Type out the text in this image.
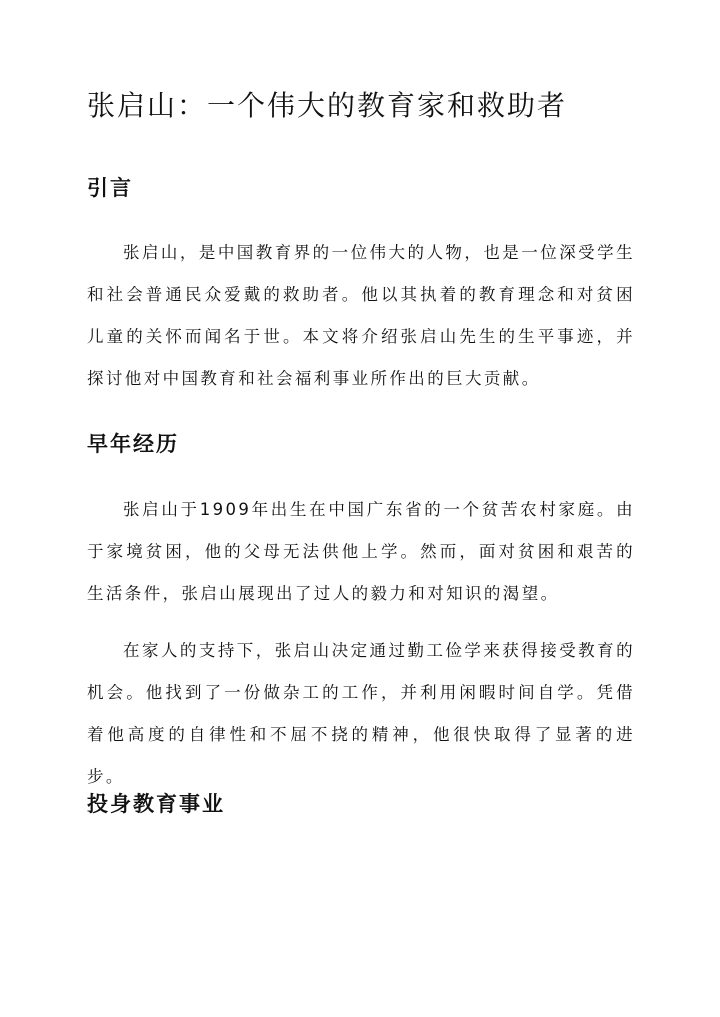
张启山：一个伟大的教育家和救助者
引言

张启山，是中国教育界的一位伟大的人物，也是一位深受学生和社会普通民众爱戴的救助者。他以其执着的教育理念和对贫困儿童的关怀而闻名于世。本文将介绍张启山先生的生平事迹，并探讨他对中国教育和社会福利事业所作出的巨大贡献。

早年经历

张启山于1909年出生在中国广东省的一个贫苦农村家庭。由于家境贫困，他的父母无法供他上学。然而，面对贫困和艰苦的生活条件，张启山展现出了过人的毅力和对知识的渴望。

在家人的支持下，张启山决定通过勤工俭学来获得接受教育的机会。他找到了一份做杂工的工作，并利用闲暇时间自学。凭借着他高度的自律性和不屈不挠的精神，他很快取得了显著的进步。

投身教育事业
